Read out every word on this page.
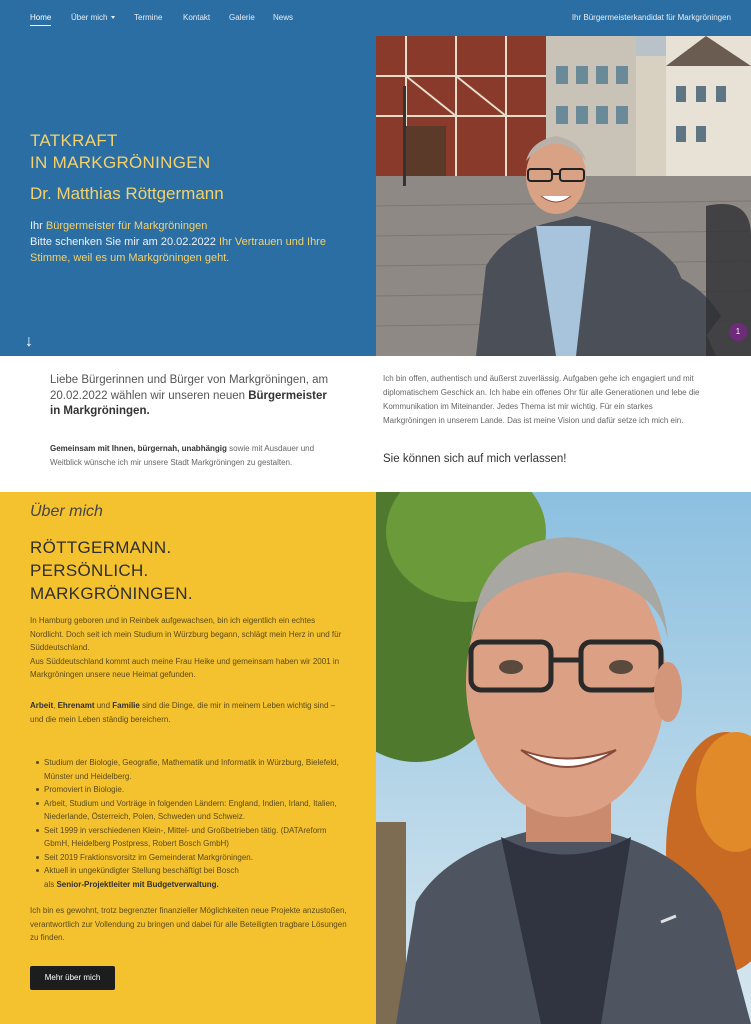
Home Über mich	Termine	Kontakt Galerie News	Ihr Bürgermeisterkandidat für Markgröningen
TATKRAFT
IN MARKGRÖNINGEN
Dr. Matthias Röttgermann
Ihr Bürgermeister für Markgröningen
Bitte schenken Sie mir am 20.02.2022 Ihr Vertrauen und Ihre Stimme, weil es um Markgröningen geht.
↓
1
Liebe Bürgerinnen und Bürger von Markgröningen, am 20.02.2022 wählen wir unseren neuen Bürgermeister in Markgröningen.
Gemeinsam mit Ihnen, bürgernah, unabhängig sowie mit Ausdauer und Weitblick wünsche ich mir unsere Stadt Markgröningen zu gestalten.
Ich bin offen, authentisch und äußerst zuverlässig. Aufgaben gehe ich engagiert und mit diplomatischem Geschick an. Ich habe ein offenes Ohr für alle Generationen und lebe die Kommunikation im Miteinander. Jedes Thema ist mir wichtig. Für ein starkes Markgröningen in unserem Lande. Das ist meine Vision und dafür setze ich mich ein.
Sie können sich auf mich verlassen!
Über mich
RÖTTGERMANN.
PERSÖNLICH.
MARKGRÖNINGEN.
In Hamburg geboren und in Reinbek aufgewachsen, bin ich eigentlich ein echtes Nordlicht. Doch seit ich mein Studium in Würzburg begann, schlägt mein Herz in und für Süddeutschland.
Aus Süddeutschland kommt auch meine Frau Heike und gemeinsam haben wir 2001 in Markgröningen unsere neue Heimat gefunden.
Arbeit, Ehrenamt und Familie sind die Dinge, die mir in meinem Leben wichtig sind – und die mein Leben ständig bereichern.
Studium der Biologie, Geografie, Mathematik und Informatik in Würzburg, Bielefeld, Münster und Heidelberg.
Promoviert in Biologie.
Arbeit, Studium und Vorträge in folgenden Ländern: England, Indien, Irland, Italien, Niederlande, Österreich, Polen, Schweden und Schweiz.
Seit 1999 in verschiedenen Klein-, Mittel- und Großbetrieben tätig. (DATAreform GbmH, Heidelberg Postpress, Robert Bosch GmbH)
Seit 2019 Fraktionsvorsitz im Gemeinderat Markgröningen.
Aktuell in ungekündigter Stellung beschäftigt bei Bosch
als Senior-Projektleiter mit Budgetverwaltung.
Ich bin es gewohnt, trotz begrenzter finanzieller Möglichkeiten neue Projekte anzustoßen, verantwortlich zur Vollendung zu bringen und dabei für alle Beteiligten tragbare Lösungen zu finden.
Mehr über mich
